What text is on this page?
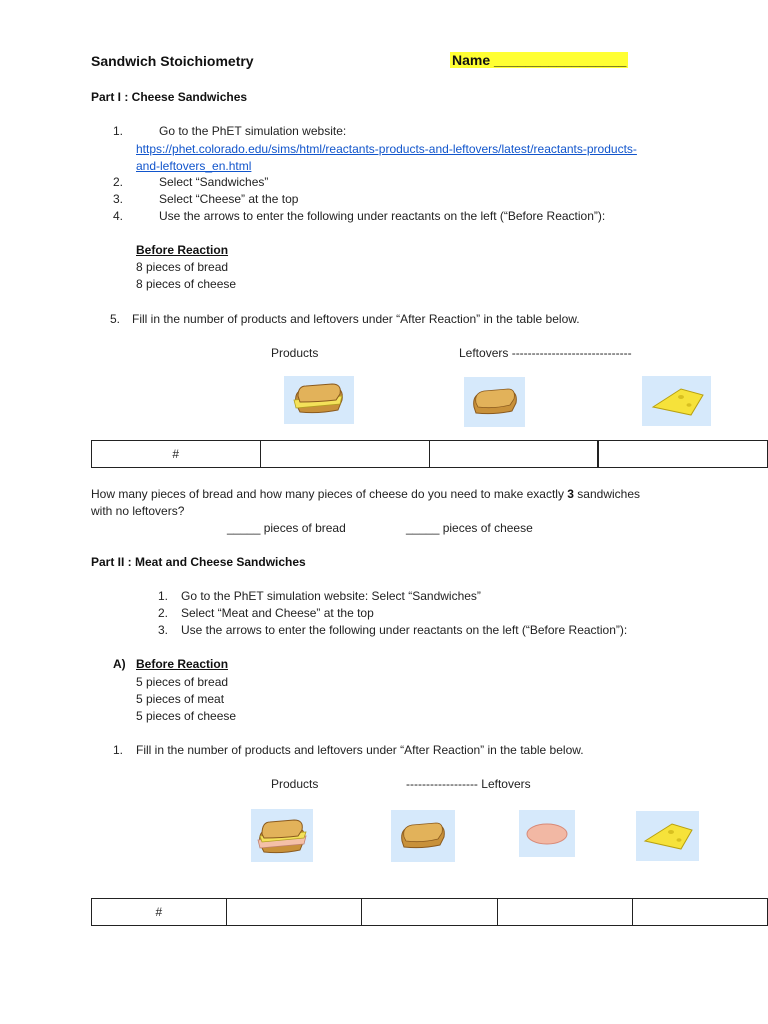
Sandwich Stoichiometry	Name _________________
Part I : Cheese Sandwiches
1.	Go to the PhET simulation website:
https://phet.colorado.edu/sims/html/reactants-products-and-leftovers/latest/reactants-products-
and-leftovers_en.html
2.	Select “Sandwiches”
3.	Select “Cheese” at the top
4.	Use the arrows to enter the following under reactants on the left (“Before Reaction”):
Before Reaction
8 pieces of bread
8 pieces of cheese
5. Fill in the number of products and leftovers under “After Reaction” in the table below.
Products	Leftovers ------------------------------
#			
How many pieces of bread and how many pieces of cheese do you need to make exactly 3 sandwiches
with no leftovers?
_____ pieces of bread	_____ pieces of cheese
Part II : Meat and Cheese Sandwiches
1.	Go to the PhET simulation website: Select “Sandwiches”
2.	Select “Meat and Cheese” at the top
3.	Use the arrows to enter the following under reactants on the left (“Before Reaction”):
A) Before Reaction
5 pieces of bread
5 pieces of meat
5 pieces of cheese
1.	Fill in the number of products and leftovers under “After Reaction” in the table below.
Products	------------------ Leftovers
#				
